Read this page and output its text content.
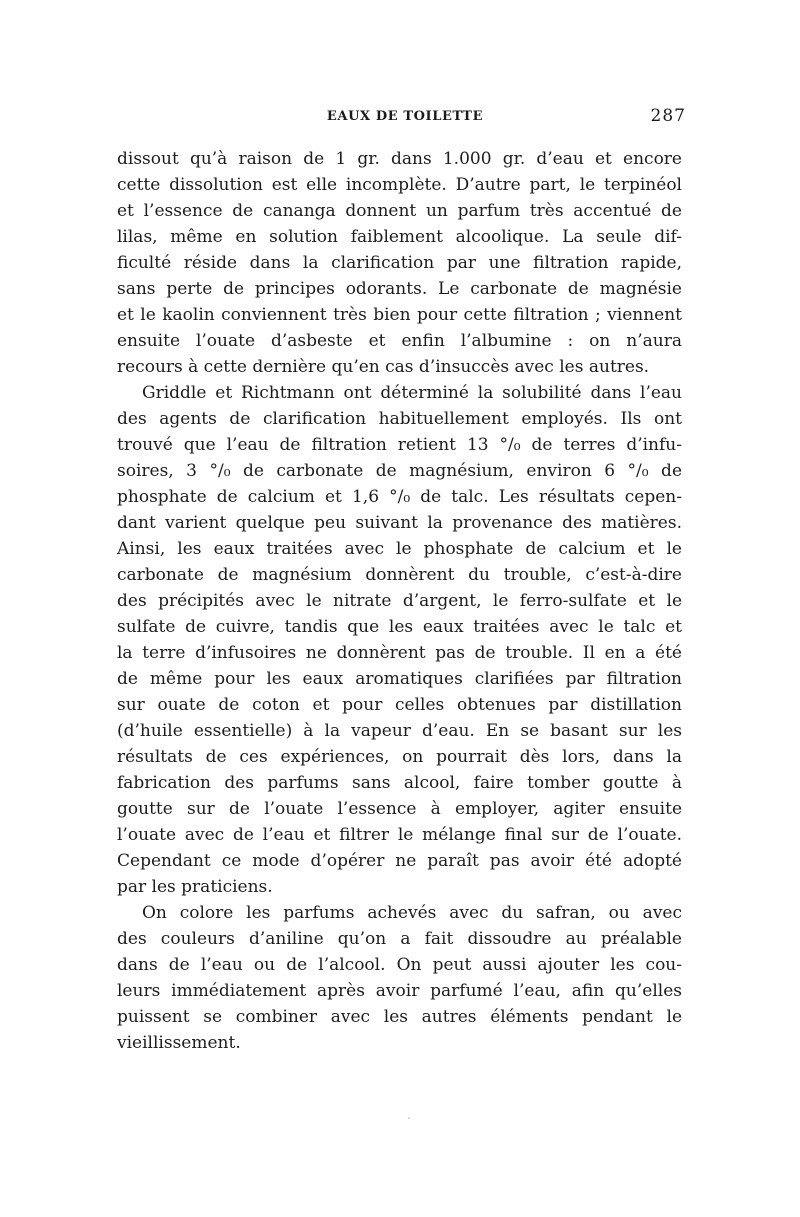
EAUX DE TOILETTE	287
dissout qu’à raison de 1 gr. dans 1.000 gr. d’eau et encore
cette dissolution est elle incomplète. D’autre part, le terpinéol
et l’essence de cananga donnent un parfum très accentué de
lilas, même en solution faiblement alcoolique. La seule dif-
ficulté réside dans la clarification par une filtration rapide,
sans perte de principes odorants. Le carbonate de magnésie
et le kaolin conviennent très bien pour cette filtration ; viennent
ensuite l’ouate d’asbeste et enfin l’albumine : on n’aura
recours à cette dernière qu’en cas d’insuccès avec les autres.
Griddle et Richtmann ont déterminé la solubilité dans l’eau
des agents de clarification habituellement employés. Ils ont
trouvé que l’eau de filtration retient 13 °/₀ de terres d’infu-
soires, 3 °/₀ de carbonate de magnésium, environ 6 °/₀ de
phosphate de calcium et 1,6 °/₀ de talc. Les résultats cepen-
dant varient quelque peu suivant la provenance des matières.
Ainsi, les eaux traitées avec le phosphate de calcium et le
carbonate de magnésium donnèrent du trouble, c’est-à-dire
des précipités avec le nitrate d’argent, le ferro-sulfate et le
sulfate de cuivre, tandis que les eaux traitées avec le talc et
la terre d’infusoires ne donnèrent pas de trouble. Il en a été
de même pour les eaux aromatiques clarifiées par filtration
sur ouate de coton et pour celles obtenues par distillation
(d’huile essentielle) à la vapeur d’eau. En se basant sur les
résultats de ces expériences, on pourrait dès lors, dans la
fabrication des parfums sans alcool, faire tomber goutte à
goutte sur de l’ouate l’essence à employer, agiter ensuite
l’ouate avec de l’eau et filtrer le mélange final sur de l’ouate.
Cependant ce mode d’opérer ne paraît pas avoir été adopté
par les praticiens.
On colore les parfums achevés avec du safran, ou avec
des couleurs d’aniline qu’on a fait dissoudre au préalable
dans de l’eau ou de l’alcool. On peut aussi ajouter les cou-
leurs immédiatement après avoir parfumé l’eau, afin qu’elles
puissent se combiner avec les autres éléments pendant le
vieillissement.
